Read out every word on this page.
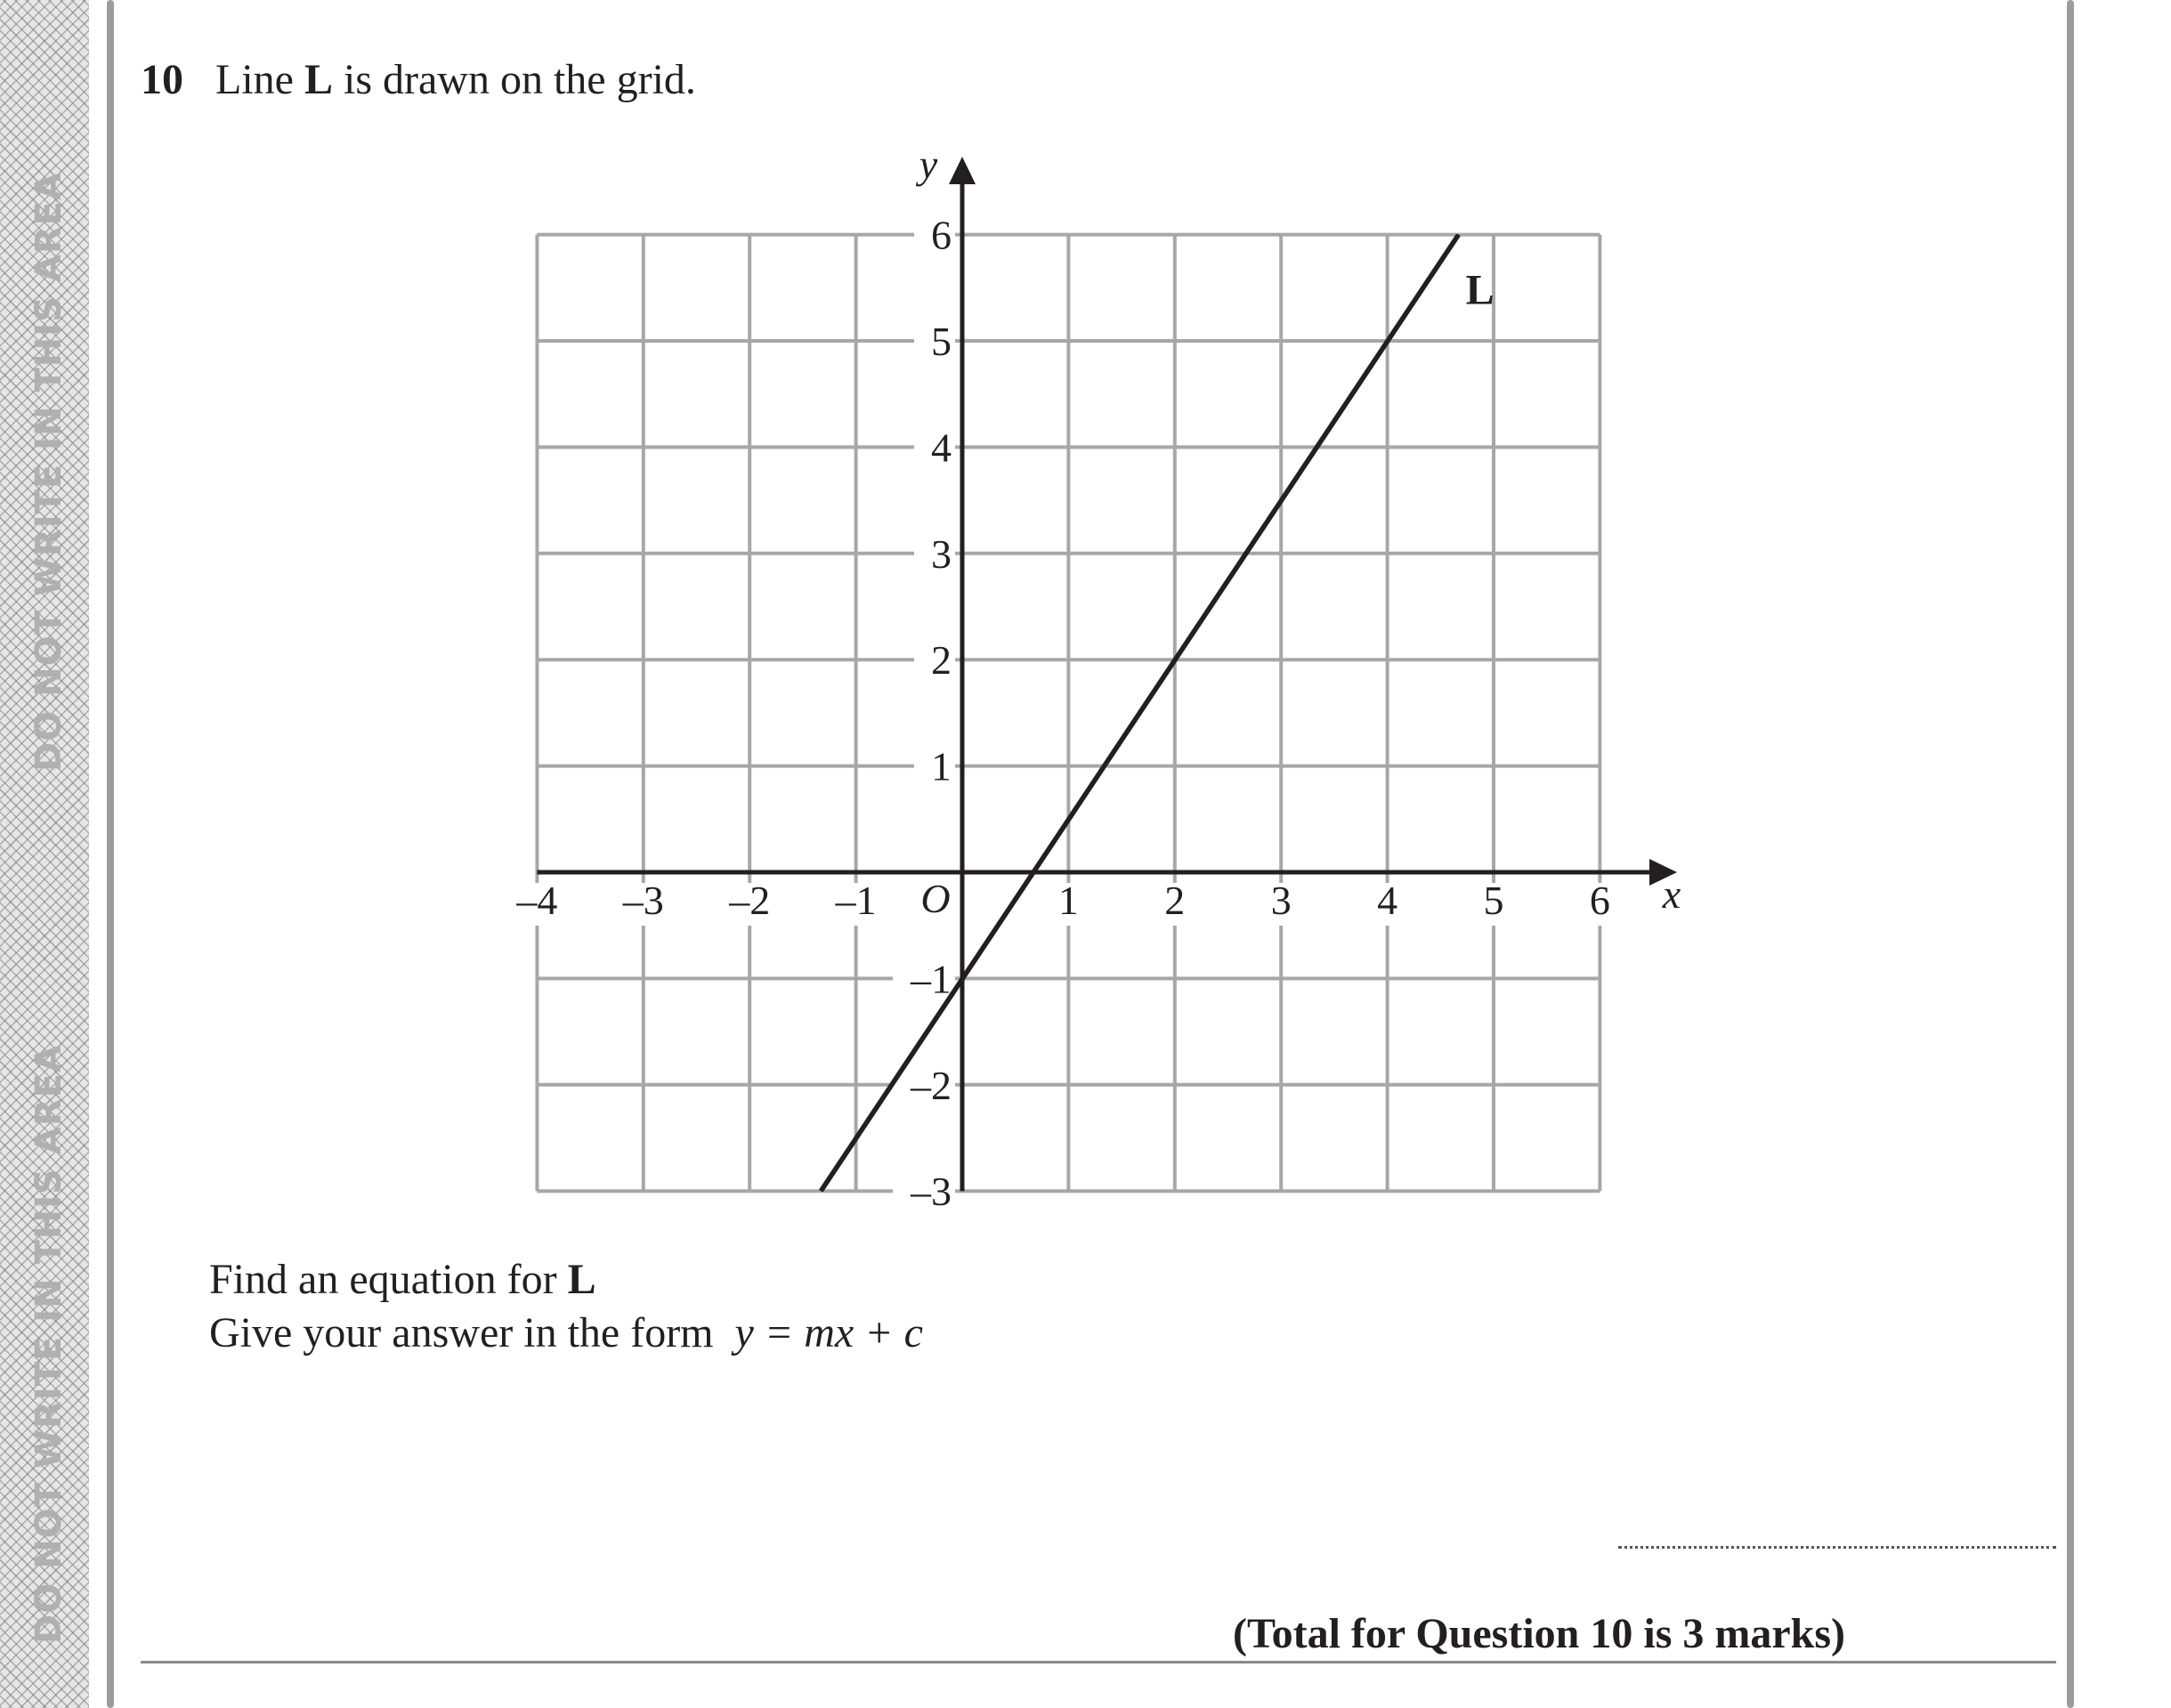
DO NOT WRITE IN THIS AREA
DO NOT WRITE IN THIS AREA
10 Line L is drawn on the grid.
–4 –3 –2 –1	1 2 3 4 5 6
6
5
4
3
2
1
–1
–2
–3
O	x
y
L
Find an equation for L
Give your answer in the form y = mx + c
(Total for Question 10 is 3 marks)
